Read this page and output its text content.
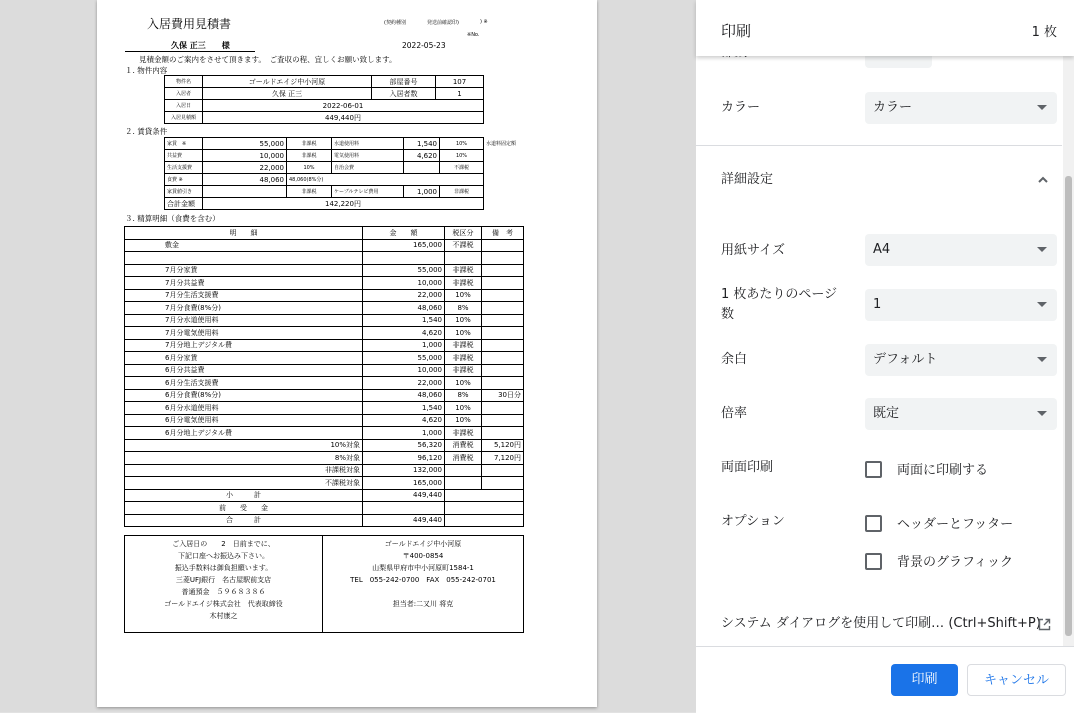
入居費用見積書	(契約種別	発送前確認印)	) ※
※No.
久保 正三　　様	2022-05-23
見積金額のご案内をさせて頂きます。　ご査収の程、宜しくお願い致します。
１. 物件内容
物件名	ゴールドエイジ中小河原	部屋番号	107
入居者	久保 正三	入居者数	1
入居日	2022-06-01		
入居見積額	449,440円		
２. 賃貸条件
家賃　※	55,000	非課税	水道使用料	1,540	10%
共益費	10,000	非課税	電気使用料	4,620	10%
生活支援費	22,000	10%	自治会費		不課税
食費 ※	48,060	48,060(8%分)			
家賃値引き		非課税	ケーブルテレビ費用	1,000	非課税
合計金額	142,220円				
水道料固定額
３. 精算明細（食費を含む）
明　　細	金　　額	税区分	備　考
敷金	165,000	不課税	

7月分家賃	55,000	非課税	
7月分共益費	10,000	非課税	
7月分生活支援費	22,000	10%	
7月分食費(8%分)	48,060	8%	
7月分水道使用料	1,540	10%	
7月分電気使用料	4,620	10%	
7月分地上デジタル費	1,000	非課税	
6月分家賃	55,000	非課税	
6月分共益費	10,000	非課税	
6月分生活支援費	22,000	10%	
6月分食費(8%分)	48,060	8%	30日分
6月分水道使用料	1,540	10%	
6月分電気使用料	4,620	10%	
6月分地上デジタル費	1,000	非課税	
10%対象	56,320	消費税	5,120円
8%対象	96,120	消費税	7,120円
非課税対象	132,000		
不課税対象	165,000		
小　　　計	449,440		
前　　受　　金			
合　　　計	449,440		
ご入居日の　　2　日前までに、
下記口座へお振込み下さい。
振込手数料は御負担願います。
三菱UFJ銀行　名古屋駅前支店
普通預金　５９６８３８６
ゴールドエイジ株式会社　代表取締役
木村康之

ゴールドエイジ中小河原
〒400-0854
山梨県甲府市中小河原町1584-1
TEL　055-242-0700　FAX　055-242-0701
担当者:二又川 将克
印刷	1 枚
カラー	カラー
詳細設定
用紙サイズ	A4
1 枚あたりのページ数
1
余白	デフォルト
倍率	既定
両面印刷	両面に印刷する
オプション	ヘッダーとフッター
背景のグラフィック
システム ダイアログを使用して印刷… (Ctrl+Shift+P)
印刷	キャンセル
